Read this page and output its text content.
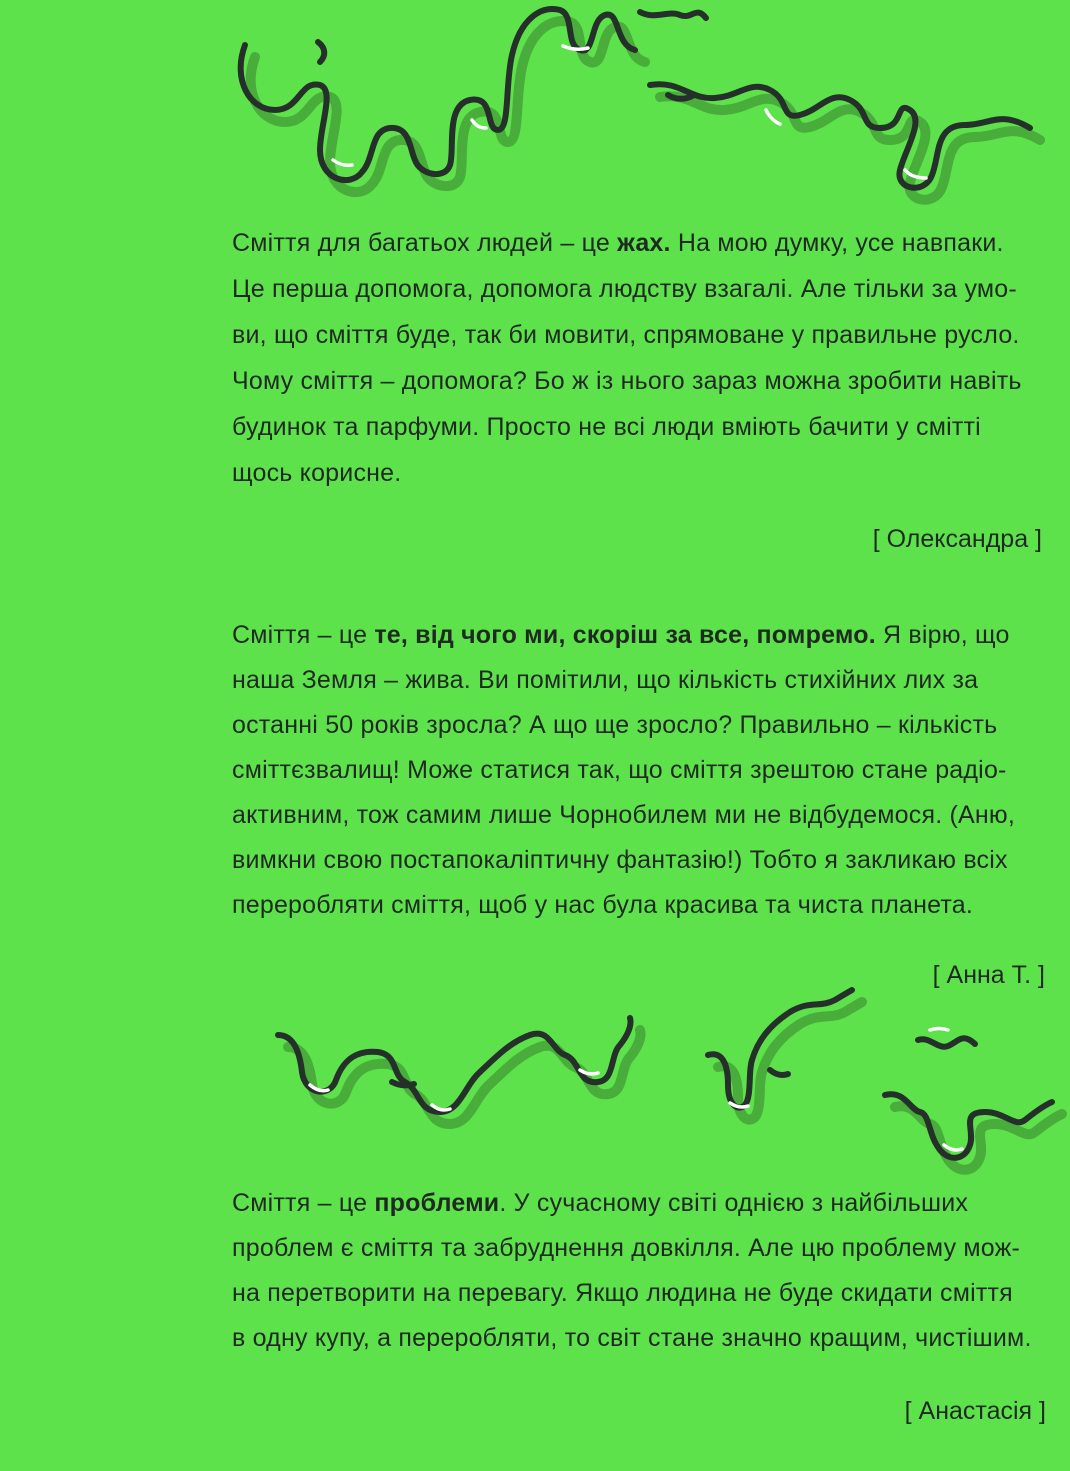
Сміття для багатьох людей – це жах. На мою думку, усе навпаки.
Це перша допомога, допомога людству взагалі. Але тільки за умо-
ви, що сміття буде, так би мовити, спрямоване у правильне русло.
Чому сміття – допомога? Бо ж із нього зараз можна зробити навіть
будинок та парфуми. Просто не всі люди вміють бачити у смітті
щось корисне.
[ Олександра ]
Сміття – це те, від чого ми, скоріш за все, помремо. Я вірю, що
наша Земля – жива. Ви помітили, що кількість стихійних лих за
останні 50 років зросла? А що ще зросло? Правильно – кількість
сміттєзвалищ! Може статися так, що сміття зрештою стане радіо-
активним, тож самим лише Чорнобилем ми не відбудемося. (Аню,
вимкни свою постапокаліптичну фантазію!) Тобто я закликаю всіх
переробляти сміття, щоб у нас була красива та чиста планета.
[ Анна Т. ]
Сміття – це проблеми. У сучасному світі однією з найбільших
проблем є сміття та забруднення довкілля. Але цю проблему мож-
на перетворити на перевагу. Якщо людина не буде скидати сміття
в одну купу, а переробляти, то світ стане значно кращим, чистішим.
[ Анастасія ]
